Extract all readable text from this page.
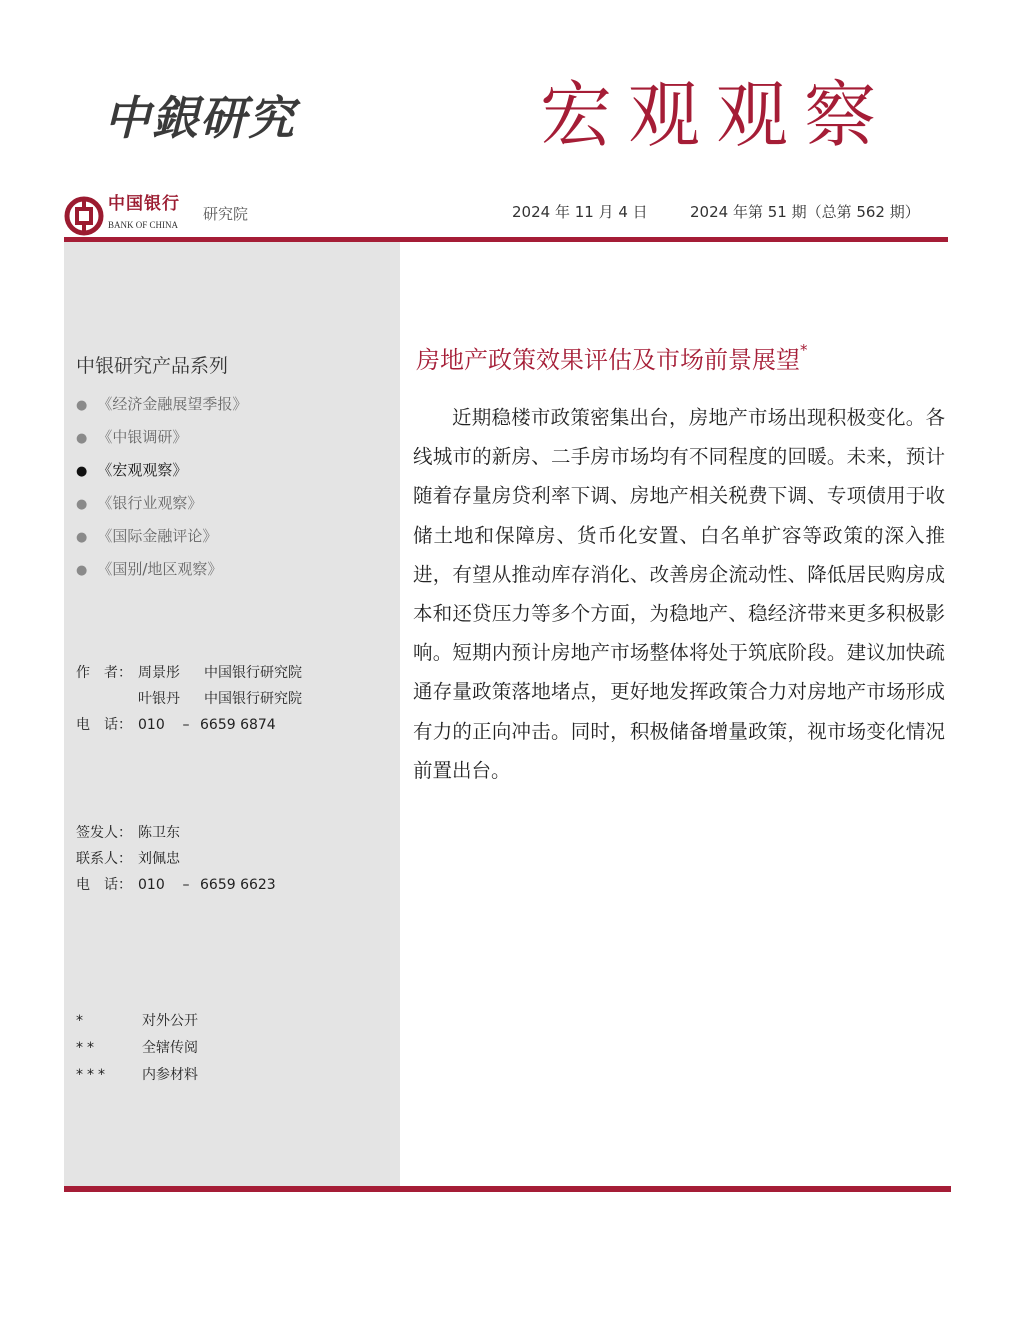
中銀研究	宏观观察
中国银行
BANK OF CHINA
研究院	2024 年 11 月 4 日	2024 年第 51 期（总第 562 期）
中银研究产品系列
● 《经济金融展望季报》
● 《中银调研》
● 《宏观观察》
● 《银行业观察》
● 《国际金融评论》
● 《国别/地区观察》
作　者： 周景彤 中国银行研究院
叶银丹 中国银行研究院
电　话： 010 – 6659 6874
签发人： 陈卫东
联系人： 刘佩忠
电　话： 010 – 6659 6623
*	对外公开
**	全辖传阅
*** 内参材料
房地产政策效果评估及市场前景展望*

近期稳楼市政策密集出台，房地产市场出现积极变化。各线城市的新房、二手房市场均有不同程度的回暖。未来，预计随着存量房贷利率下调、房地产相关税费下调、专项债用于收储土地和保障房、货币化安置、白名单扩容等政策的深入推进，有望从推动库存消化、改善房企流动性、降低居民购房成本和还贷压力等多个方面，为稳地产、稳经济带来更多积极影响。短期内预计房地产市场整体将处于筑底阶段。建议加快疏通存量政策落地堵点，更好地发挥政策合力对房地产市场形成有力的正向冲击。同时，积极储备增量政策，视市场变化情况前置出台。
